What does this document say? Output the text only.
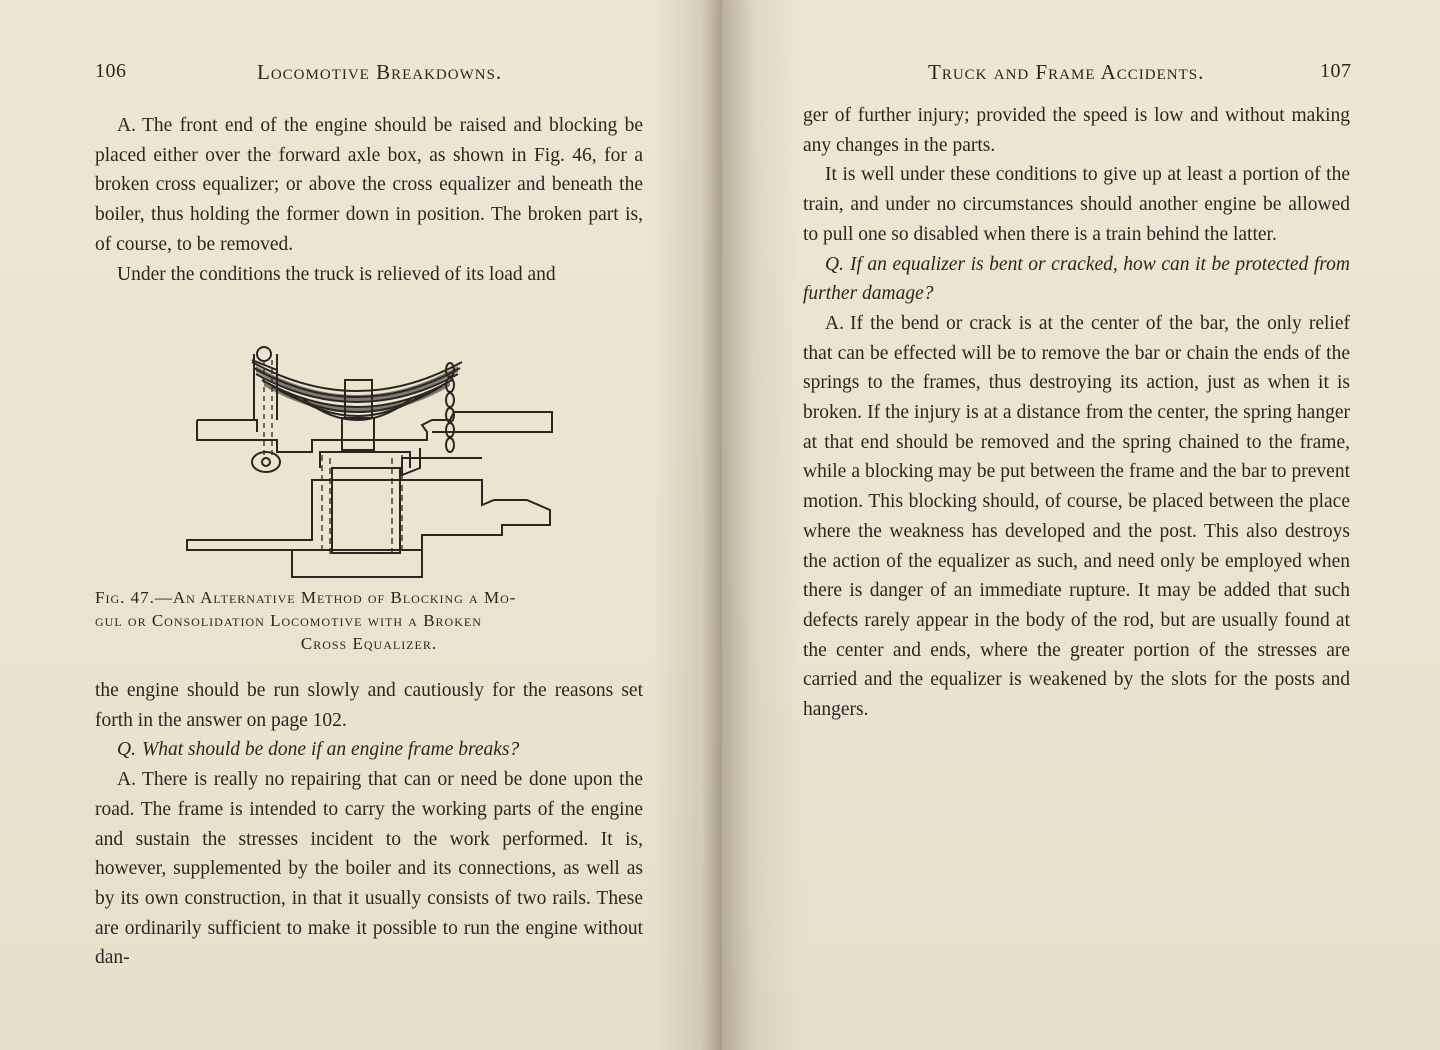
106	Locomotive Breakdowns.

A. The front end of the engine should be raised and blocking be placed either over the forward axle box, as shown in Fig. 46, for a broken cross equalizer; or above the cross equalizer and beneath the boiler, thus holding the former down in position. The broken part is, of course, to be removed.

Under the conditions the truck is relieved of its load and

Fig. 47.—An Alternative Method of Blocking a Mo-
gul or Consolidation Locomotive with a Broken
Cross Equalizer.

the engine should be run slowly and cautiously for the reasons set forth in the answer on page 102.

Q. What should be done if an engine frame breaks?

A. There is really no repairing that can or need be done upon the road. The frame is intended to carry the working parts of the engine and sustain the stresses incident to the work performed. It is, however, supplemented by the boiler and its connections, as well as by its own construction, in that it usually consists of two rails. These are ordinarily sufficient to make it possible to run the engine without dan-

Truck and Frame Accidents.	107

ger of further injury; provided the speed is low and without making any changes in the parts.

It is well under these conditions to give up at least a portion of the train, and under no circumstances should another engine be allowed to pull one so disabled when there is a train behind the latter.

Q. If an equalizer is bent or cracked, how can it be protected from further damage?

A. If the bend or crack is at the center of the bar, the only relief that can be effected will be to remove the bar or chain the ends of the springs to the frames, thus destroying its action, just as when it is broken. If the injury is at a distance from the center, the spring hanger at that end should be removed and the spring chained to the frame, while a blocking may be put between the frame and the bar to prevent motion. This blocking should, of course, be placed between the place where the weakness has developed and the post. This also destroys the action of the equalizer as such, and need only be employed when there is danger of an immediate rupture. It may be added that such defects rarely appear in the body of the rod, but are usually found at the center and ends, where the greater portion of the stresses are carried and the equalizer is weakened by the slots for the posts and hangers.
